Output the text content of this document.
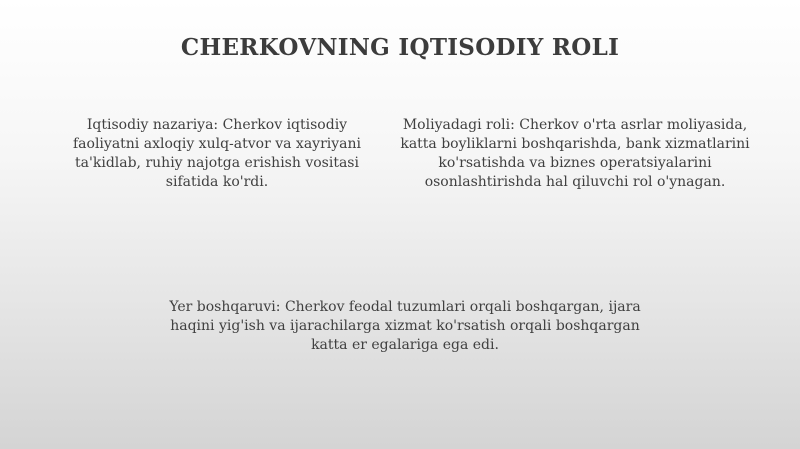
CHERKOVNING IQTISODIY ROLI
Iqtisodiy nazariya: Cherkov iqtisodiy faoliyatni axloqiy xulq-atvor va xayriyani ta'kidlab, ruhiy najotga erishish vositasi sifatida ko'rdi.
Moliyadagi roli: Cherkov o'rta asrlar moliyasida, katta boyliklarni boshqarishda, bank xizmatlarini ko'rsatishda va biznes operatsiyalarini osonlashtirishda hal qiluvchi rol o'ynagan.
Yer boshqaruvi: Cherkov feodal tuzumlari orqali boshqargan, ijara haqini yig'ish va ijarachilarga xizmat ko'rsatish orqali boshqargan katta er egalariga ega edi.
